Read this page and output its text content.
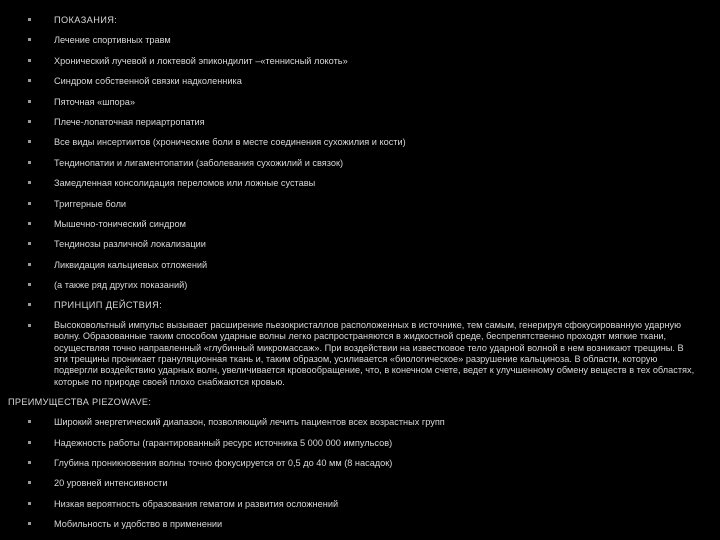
ПОКАЗАНИЯ:
Лечение спортивных травм
Хронический лучевой и локтевой эпикондилит –«теннисный локоть»
Синдром собственной связки надколенника
Пяточная «шпора»
Плече-лопаточная периартропатия
Все виды инсертиитов (хронические боли в месте соединения сухожилия и кости)
Тендинопатии и лигаментопатии (заболевания сухожилий и связок)
Замедленная консолидация переломов или ложные суставы
Триггерные боли
Мышечно-тонический синдром
Тендинозы различной локализации
Ликвидация кальциевых отложений
(а также ряд других показаний)
ПРИНЦИП ДЕЙСТВИЯ:
Высоковольтный импульс вызывает расширение пьезокристаллов расположенных в источнике, тем самым, генерируя сфокусированную ударную волну. Образованные таким способом ударные волны легко распространяются в жидкостной среде, беспрепятственно проходят мягкие ткани, осуществляя точно направленный «глубинный микромассаж». При воздействии на известковое тело ударной волной в нем возникают трещины. В эти трещины проникает грануляционная ткань и, таким образом, усиливается «биологическое» разрушение кальциноза. В области, которую подвергли воздействию ударных волн, увеличивается кровообращение, что, в конечном счете, ведет к улучшенному обмену веществ в тех областях, которые по природе своей плохо снабжаются кровью.
ПРЕИМУЩЕСТВА PIEZOWAVE:
Широкий энергетический диапазон, позволяющий лечить пациентов всех возрастных групп
Надежность работы (гарантированный ресурс источника 5 000 000 импульсов)
Глубина проникновения волны точно фокусируется от 0,5 до 40 мм (8 насадок)
20 уровней интенсивности
Низкая вероятность образования гематом и развития осложнений
Мобильность и удобство в применении
